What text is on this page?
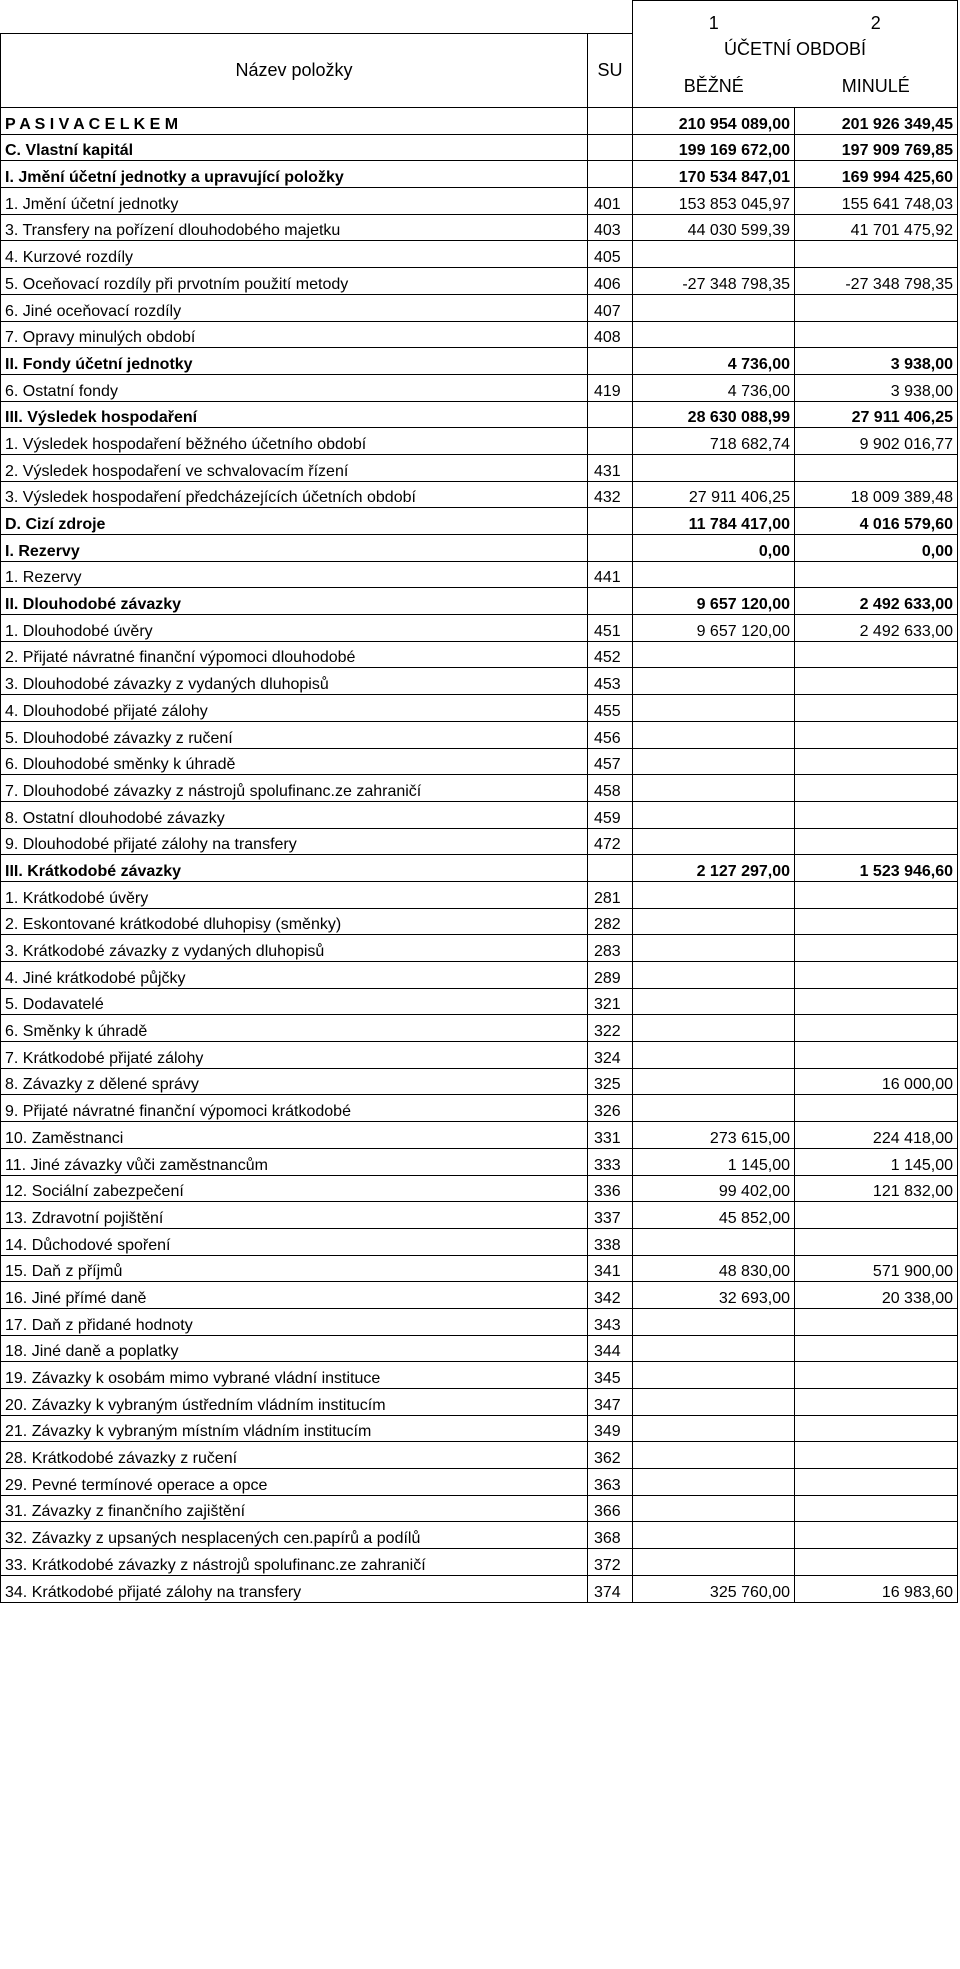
		1	2
Název položky	SU	ÚČETNÍ OBDOBÍ	
		BĚŽNÉ	MINULÉ
P A S I V A C E L K E M		210 954 089,00	201 926 349,45
C. Vlastní kapitál		199 169 672,00	197 909 769,85
I. Jmění účetní jednotky a upravující položky		170 534 847,01	169 994 425,60
1. Jmění účetní jednotky	401	153 853 045,97	155 641 748,03
3. Transfery na pořízení dlouhodobého majetku	403	44 030 599,39	41 701 475,92
4. Kurzové rozdíly	405		
5. Oceňovací rozdíly při prvotním použití metody	406	-27 348 798,35	-27 348 798,35
6. Jiné oceňovací rozdíly	407		
7. Opravy minulých období	408		
II. Fondy účetní jednotky		4 736,00	3 938,00
6. Ostatní fondy	419	4 736,00	3 938,00
III. Výsledek hospodaření		28 630 088,99	27 911 406,25
1. Výsledek hospodaření běžného účetního období		718 682,74	9 902 016,77
2. Výsledek hospodaření ve schvalovacím řízení	431		
3. Výsledek hospodaření předcházejících účetních období	432	27 911 406,25	18 009 389,48
D. Cizí zdroje		11 784 417,00	4 016 579,60
I. Rezervy		0,00	0,00
1. Rezervy	441		
II. Dlouhodobé závazky		9 657 120,00	2 492 633,00
1. Dlouhodobé úvěry	451	9 657 120,00	2 492 633,00
2. Přijaté návratné finanční výpomoci dlouhodobé	452		
3. Dlouhodobé závazky z vydaných dluhopisů	453		
4. Dlouhodobé přijaté zálohy	455		
5. Dlouhodobé závazky z ručení	456		
6. Dlouhodobé směnky k úhradě	457		
7. Dlouhodobé závazky z nástrojů spolufinanc.ze zahraničí	458		
8. Ostatní dlouhodobé závazky	459		
9. Dlouhodobé přijaté zálohy na transfery	472		
III. Krátkodobé závazky		2 127 297,00	1 523 946,60
1. Krátkodobé úvěry	281		
2. Eskontované krátkodobé dluhopisy (směnky)	282		
3. Krátkodobé závazky z vydaných dluhopisů	283		
4. Jiné krátkodobé půjčky	289		
5. Dodavatelé	321		
6. Směnky k úhradě	322		
7. Krátkodobé přijaté zálohy	324		
8. Závazky z dělené správy	325		16 000,00
9. Přijaté návratné finanční výpomoci krátkodobé	326		
10. Zaměstnanci	331	273 615,00	224 418,00
11. Jiné závazky vůči zaměstnancům	333	1 145,00	1 145,00
12. Sociální zabezpečení	336	99 402,00	121 832,00
13. Zdravotní pojištění	337	45 852,00	
14. Důchodové spoření	338		
15. Daň z příjmů	341	48 830,00	571 900,00
16. Jiné přímé daně	342	32 693,00	20 338,00
17. Daň z přidané hodnoty	343		
18. Jiné daně a poplatky	344		
19. Závazky k osobám mimo vybrané vládní instituce	345		
20. Závazky k vybraným ústředním vládním institucím	347		
21. Závazky k vybraným místním vládním institucím	349		
28. Krátkodobé závazky z ručení	362		
29. Pevné termínové operace a opce	363		
31. Závazky z finančního zajištění	366		
32. Závazky z upsaných nesplacených cen.papírů a podílů	368		
33. Krátkodobé závazky z nástrojů spolufinanc.ze zahraničí	372		
34. Krátkodobé přijaté zálohy na transfery	374	325 760,00	16 983,60
